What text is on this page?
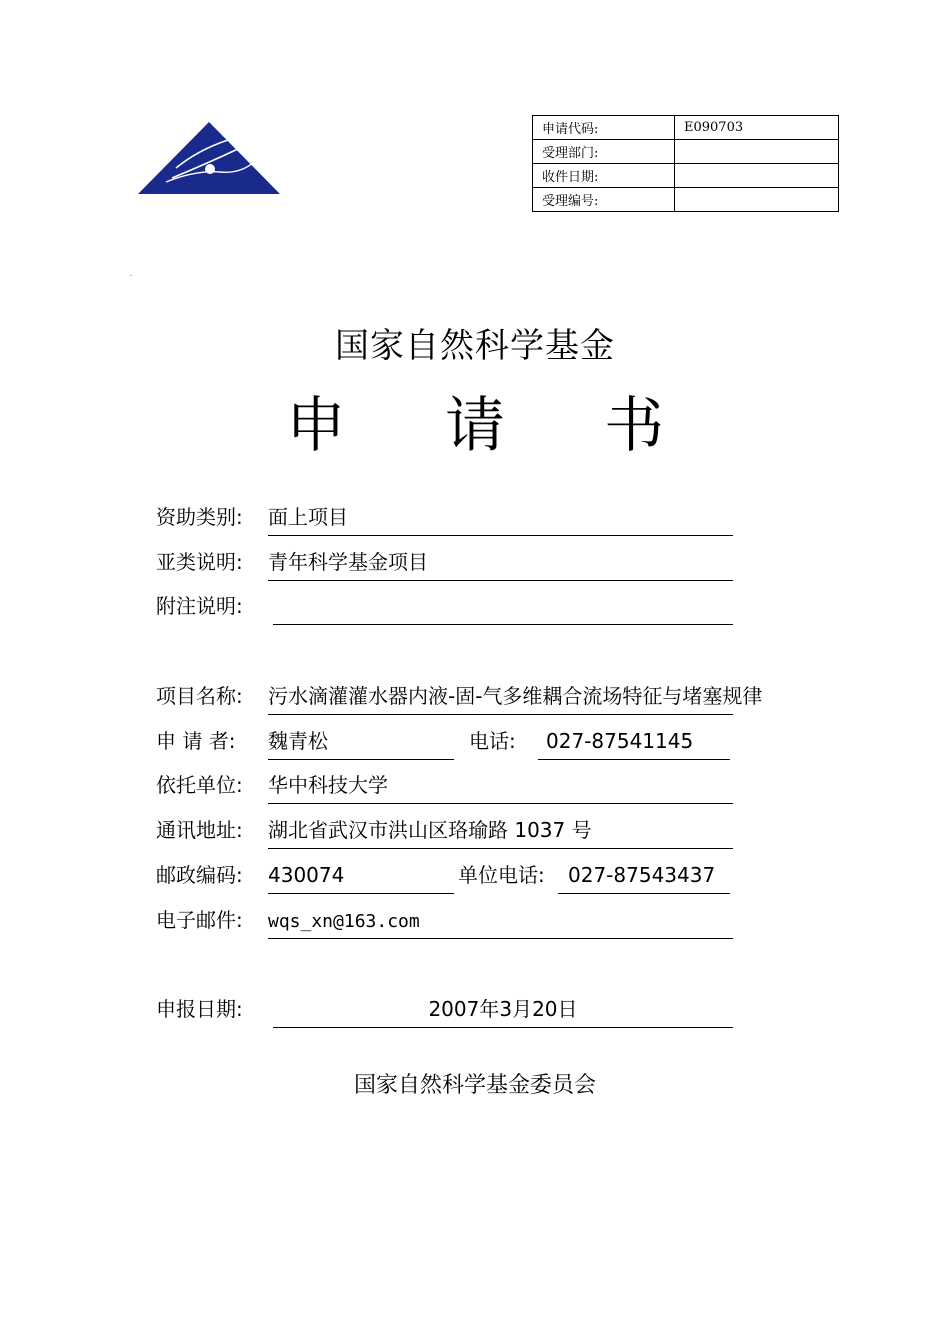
申请代码:	E090703
受理部门:	
收件日期:	
受理编号:	
国家自然科学基金
申 请 书
资助类别: 面上项目
亚类说明: 青年科学基金项目
附注说明:
项目名称: 污水滴灌灌水器内液-固-气多维耦合流场特征与堵塞规律
申 请 者: 魏青松	电话:	027-87541145
依托单位: 华中科技大学
通讯地址: 湖北省武汉市洪山区珞瑜路 1037 号
邮政编码: 430074	单位电话:	027-87543437
电子邮件: wqs_xn@163.com
申报日期:	2007年3月20日
国家自然科学基金委员会
